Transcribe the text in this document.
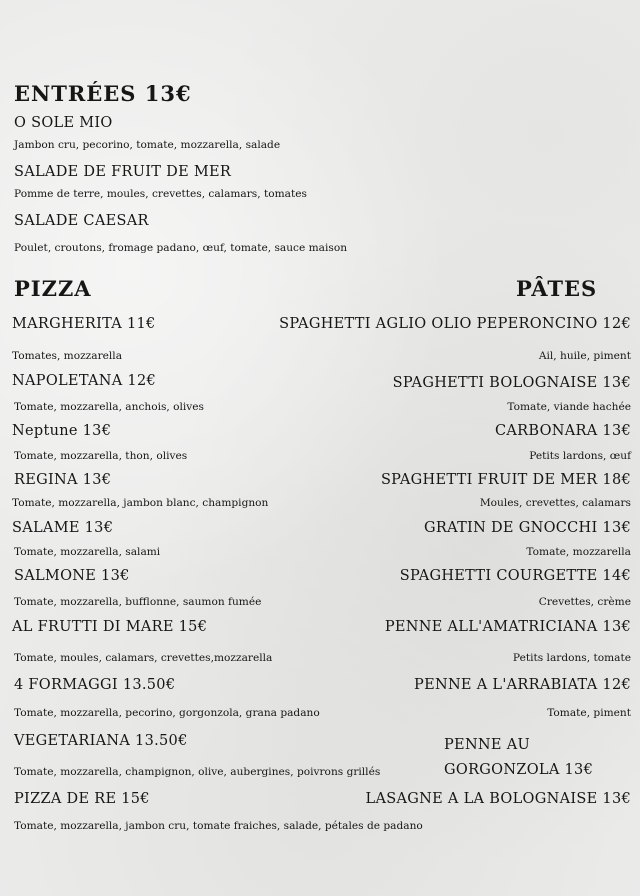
ENTRÉES 13€
O SOLE MIO
Jambon cru, pecorino, tomate, mozzarella, salade
SALADE DE FRUIT DE MER
Pomme de terre, moules, crevettes, calamars, tomates
SALADE CAESAR
Poulet, croutons, fromage padano, œuf, tomate, sauce maison
PIZZA
MARGHERITA 11€
Tomates, mozzarella
NAPOLETANA 12€
Tomate, mozzarella, anchois, olives
Neptune 13€
Tomate, mozzarella, thon, olives
REGINA 13€
Tomate, mozzarella, jambon blanc, champignon
SALAME 13€
Tomate, mozzarella, salami
SALMONE 13€
Tomate, mozzarella, bufflonne, saumon fumée
AL FRUTTI DI MARE 15€
Tomate, moules, calamars, crevettes,mozzarella
4 FORMAGGI 13.50€
Tomate, mozzarella, pecorino, gorgonzola, grana padano
VEGETARIANA 13.50€
Tomate, mozzarella, champignon, olive, aubergines, poivrons grillés
PIZZA DE RE 15€
Tomate, mozzarella, jambon cru, tomate fraiches, salade, pétales de padano
PÂTES
SPAGHETTI AGLIO OLIO PEPERONCINO 12€
Ail, huile, piment
SPAGHETTI BOLOGNAISE 13€
Tomate, viande hachée
CARBONARA 13€
Petits lardons, œuf
SPAGHETTI FRUIT DE MER 18€
Moules, crevettes, calamars
GRATIN DE GNOCCHI 13€
Tomate, mozzarella
SPAGHETTI COURGETTE 14€
Crevettes, crème
PENNE ALL'AMATRICIANA 13€
Petits lardons, tomate
PENNE A L'ARRABIATA 12€
Tomate, piment
PENNE AU GORGONZOLA 13€
LASAGNE A LA BOLOGNAISE 13€
